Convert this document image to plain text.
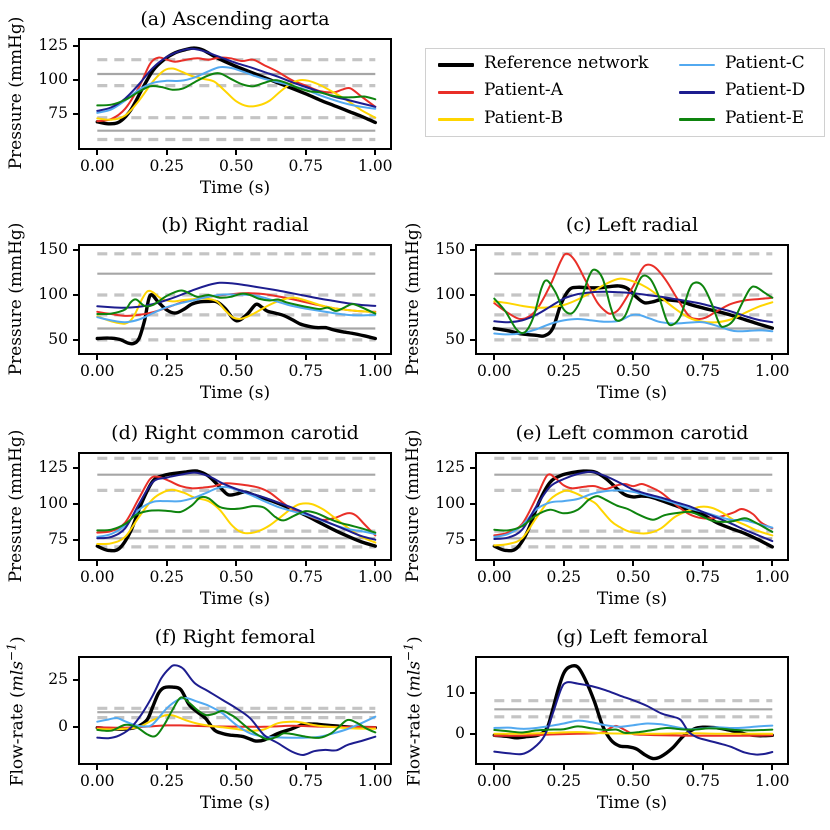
(a) Ascending aorta
Pressure (mmHg)	0.00	0.25	0.50	0.75	1.00
75
100
125
Time (s)
(b) Right radial
Pressure (mmHg)	0.00	0.25	0.50	0.75	1.00
50
100
150
Time (s)
(c) Left radial
Pressure (mmHg)	0.00	0.25	0.50	0.75	1.00
50
100
150
Time (s)
(d) Right common carotid
Pressure (mmHg)	0.00	0.25	0.50	0.75	1.00
75
100
125
Time (s)
(e) Left common carotid
Pressure (mmHg)	0.00	0.25	0.50	0.75	1.00
75
100
125
Time (s)
(f) Right femoral
Flow-rate (mls$^{-1}$)
0.00	0.25	0.50	0.75	1.00
0
25
Time (s)
(g) Left femoral
Flow-rate (mls$^{-1}$)
0.00	0.25	0.50	0.75	1.00
0
10
Time (s)
Reference network
Patient-A
Patient-B
Patient-C
Patient-D
Patient-E
